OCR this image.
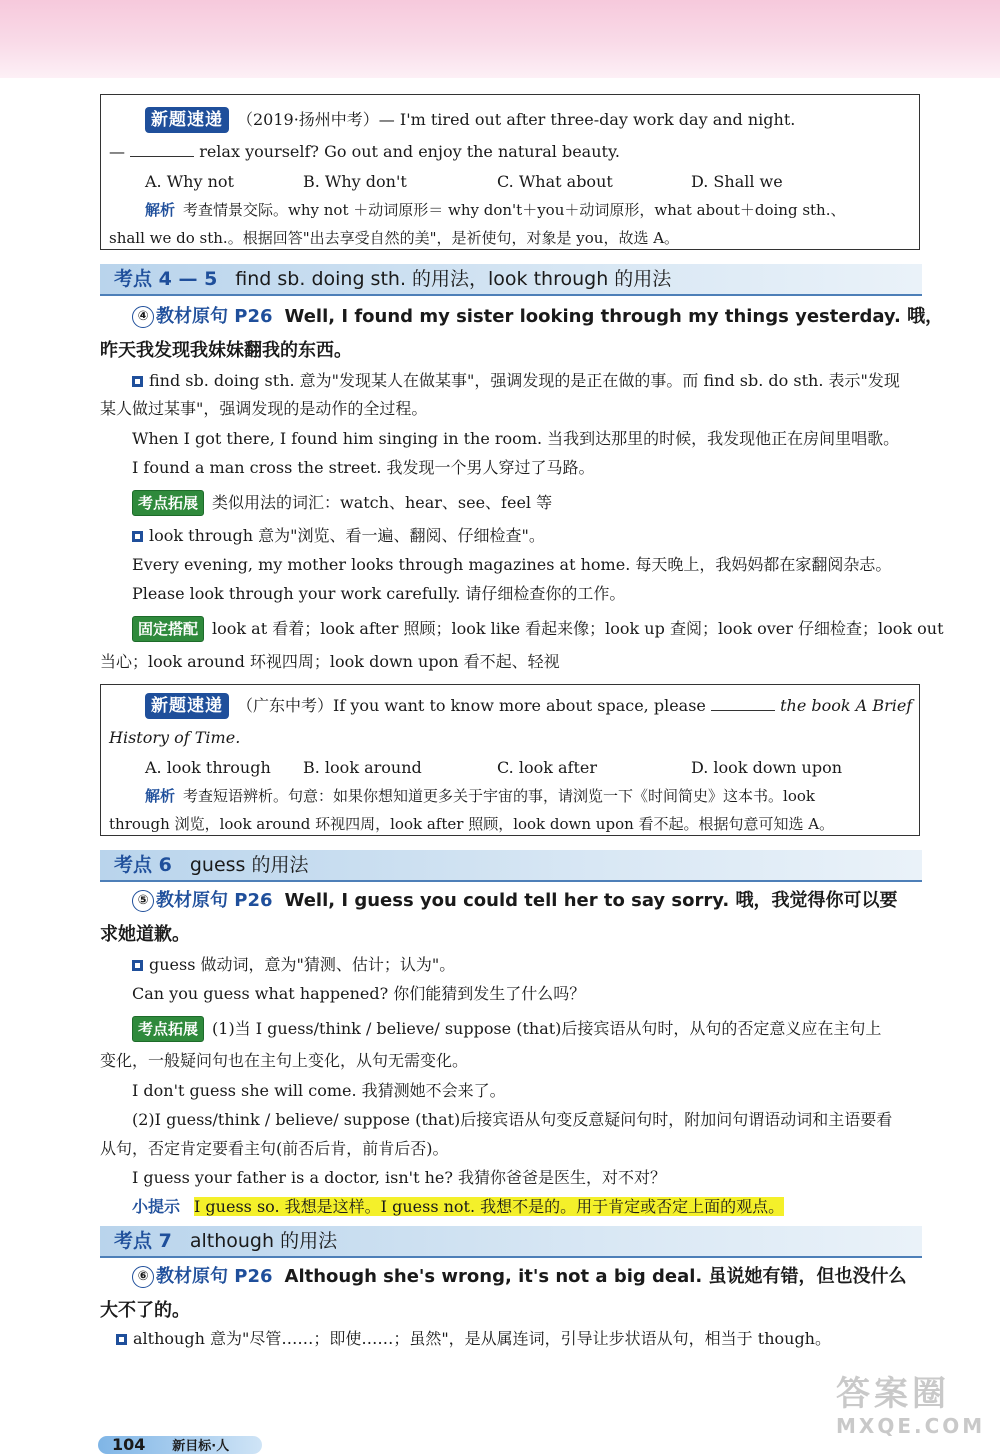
新题速递 （2019·扬州中考）— I'm tired out after three-day work day and night.
—	relax yourself? Go out and enjoy the natural beauty.
A. Why not	B. Why don't	C. What about	D. Shall we
解析 考查情景交际。why not ＋动词原形＝ why don't＋you＋动词原形，what about＋doing sth.、
shall we do sth.。根据回答"出去享受自然的美"，是祈使句，对象是 you，故选 A。
考点 4 — 5 find sb. doing sth. 的用法，look through 的用法
④ 教材原句 P26 Well, I found my sister looking through my things yesterday. 哦，
昨天我发现我妹妹翻我的东西。
find sb. doing sth. 意为"发现某人在做某事"，强调发现的是正在做的事。而 find sb. do sth. 表示"发现
某人做过某事"，强调发现的是动作的全过程。
When I got there, I found him singing in the room. 当我到达那里的时候，我发现他正在房间里唱歌。
I found a man cross the street. 我发现一个男人穿过了马路。
考点拓展 类似用法的词汇：watch、hear、see、feel 等
look through 意为"浏览、看一遍、翻阅、仔细检查"。
Every evening, my mother looks through magazines at home. 每天晚上，我妈妈都在家翻阅杂志。
Please look through your work carefully. 请仔细检查你的工作。
固定搭配 look at 看着；look after 照顾；look like 看起来像；look up 查阅；look over 仔细检查；look out
当心；look around 环视四周；look down upon 看不起、轻视
新题速递 （广东中考）If you want to know more about space, please	the book A Brief
History of Time.
A. look through B. look around	C. look after	D. look down upon
解析 考查短语辨析。句意：如果你想知道更多关于宇宙的事，请浏览一下《时间简史》这本书。look
through 浏览，look around 环视四周，look after 照顾，look down upon 看不起。根据句意可知选 A。
考点 6 guess 的用法
⑤ 教材原句 P26 Well, I guess you could tell her to say sorry. 哦，我觉得你可以要
求她道歉。
guess 做动词，意为"猜测、估计；认为"。
Can you guess what happened? 你们能猜到发生了什么吗？
考点拓展 (1)当 I guess/think / believe/ suppose (that)后接宾语从句时，从句的否定意义应在主句上
变化，一般疑问句也在主句上变化，从句无需变化。
I don't guess she will come. 我猜测她不会来了。
(2)I guess/think / believe/ suppose (that)后接宾语从句变反意疑问句时，附加问句谓语动词和主语要看
从句，否定肯定要看主句(前否后肯，前肯后否)。
I guess your father is a doctor, isn't he? 我猜你爸爸是医生，对不对？
小提示 I guess so. 我想是这样。I guess not. 我想不是的。用于肯定或否定上面的观点。
考点 7 although 的用法
⑥ 教材原句 P26 Although she's wrong, it's not a big deal. 虽说她有错，但也没什么
大不了的。
although 意为"尽管……；即使……；虽然"，是从属连词，引导让步状语从句，相当于 though。
104 新目标·人
答案圈
MXQE.COM
